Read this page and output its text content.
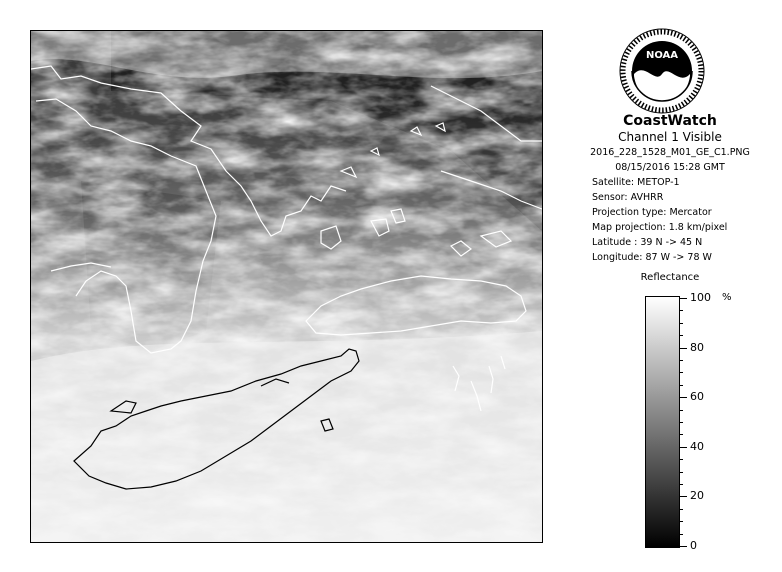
NOAA
CoastWatch
Channel 1 Visible
2016_228_1528_M01_GE_C1.PNG
08/15/2016 15:28 GMT
Satellite: METOP-1
Sensor: AVHRR
Projection type: Mercator
Map projection: 1.8 km/pixel
Latitude : 39 N -> 45 N
Longitude: 87 W -> 78 W
Reflectance
%
100
80
60
40
20
0
